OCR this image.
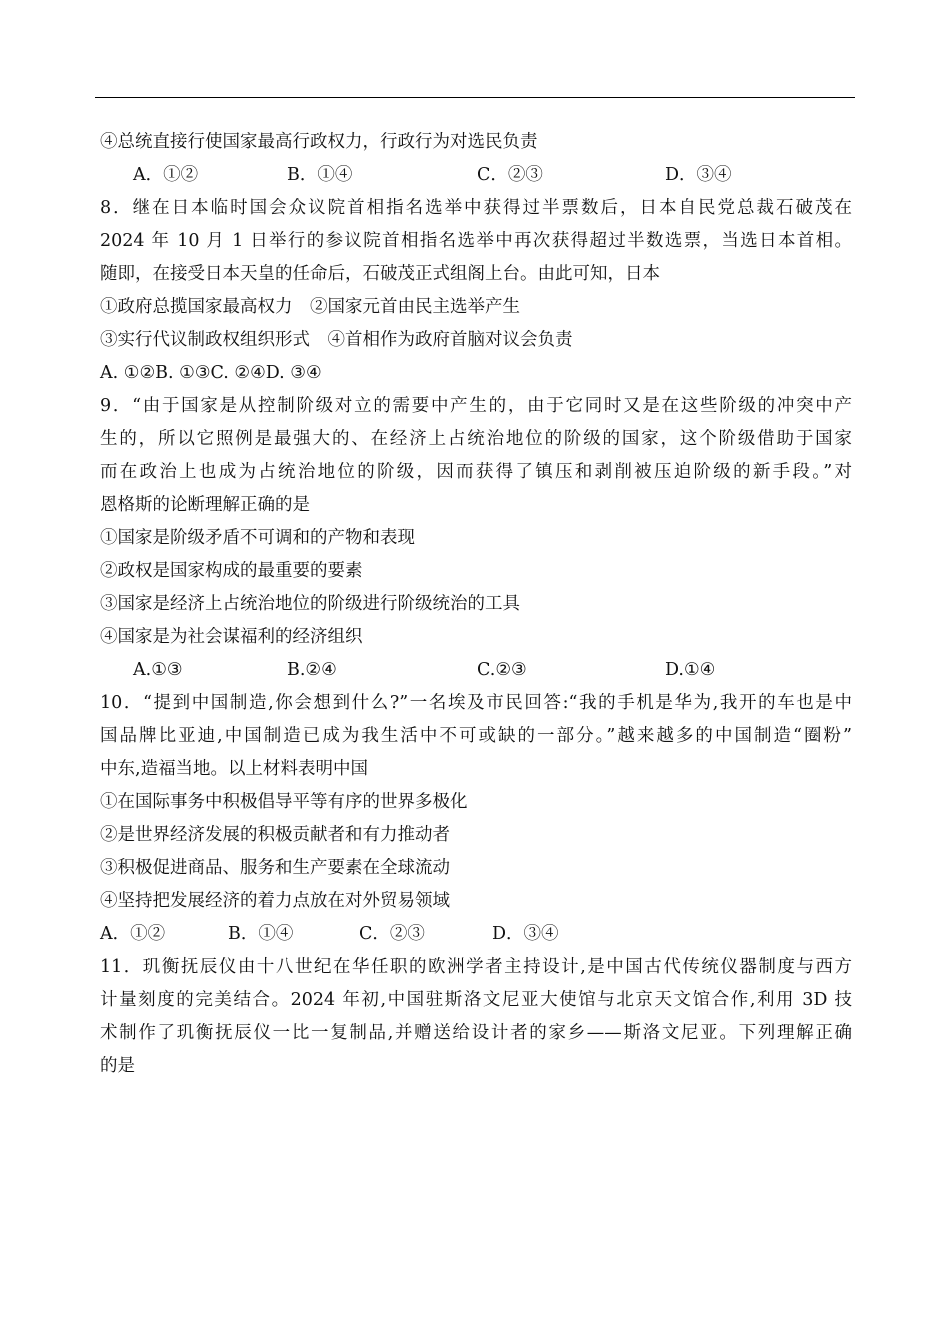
④总统直接行使国家最高行政权力，行政行为对选民负责
A．①②	B．①④	C．②③	D．③④
8．继在日本临时国会众议院首相指名选举中获得过半票数后，日本自民党总裁石破茂在
2024 年 10 月 1 日举行的参议院首相指名选举中再次获得超过半数选票，当选日本首相。
随即，在接受日本天皇的任命后，石破茂正式组阁上台。由此可知，日本
①政府总揽国家最高权力　②国家元首由民主选举产生
③实行代议制政权组织形式　④首相作为政府首脑对议会负责
A. ①②B. ①③C. ②④D. ③④
9．“由于国家是从控制阶级对立的需要中产生的，由于它同时又是在这些阶级的冲突中产
生的，所以它照例是最强大的、在经济上占统治地位的阶级的国家，这个阶级借助于国家
而在政治上也成为占统治地位的阶级，因而获得了镇压和剥削被压迫阶级的新手段。”对
恩格斯的论断理解正确的是
①国家是阶级矛盾不可调和的产物和表现
②政权是国家构成的最重要的要素
③国家是经济上占统治地位的阶级进行阶级统治的工具
④国家是为社会谋福利的经济组织
A.①③	B.②④	C.②③	D.①④
10．“提到中国制造,你会想到什么?”一名埃及市民回答:“我的手机是华为,我开的车也是中
国品牌比亚迪,中国制造已成为我生活中不可或缺的一部分。”越来越多的中国制造“圈粉”
中东,造福当地。以上材料表明中国
①在国际事务中积极倡导平等有序的世界多极化
②是世界经济发展的积极贡献者和有力推动者
③积极促进商品、服务和生产要素在全球流动
④坚持把发展经济的着力点放在对外贸易领域
A．①②	B．①④	C．②③	D．③④
11．玑衡抚辰仪由十八世纪在华任职的欧洲学者主持设计,是中国古代传统仪器制度与西方
计量刻度的完美结合。2024 年初,中国驻斯洛文尼亚大使馆与北京天文馆合作,利用 3D 技
术制作了玑衡抚辰仪一比一复制品,并赠送给设计者的家乡——斯洛文尼亚。下列理解正确
的是
